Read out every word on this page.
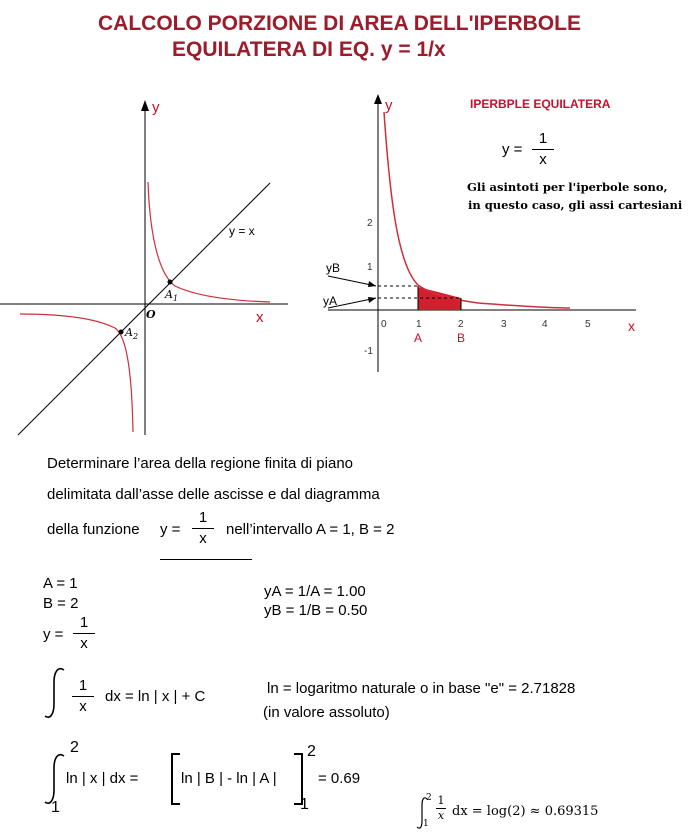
CALCOLO PORZIONE DI AREA DELL'IPERBOLE
EQUILATERA DI EQ. y = 1/x
y
x
O
y = x
$A_1$
$A_2$
y
x
2
1
-1
0	1	2	3	4	5
yB
yA
A	B
IPERBPLE EQUILATERA
y =
1
x
Gli asintoti per l'iperbole sono,
in questo caso, gli assi cartesiani
Determinare l’area della regione finita di piano
delimitata dall’asse delle ascisse e dal diagramma
della funzione y =
1
x
nell’intervallo A = 1, B = 2
A = 1
B = 2
y =
1
x
yA = 1/A = 1.00
yB = 1/B = 0.50
1
x
dx = ln | x | + C	ln = logaritmo naturale o in base "e" = 2.71828
(in valore assoluto)
2
1
ln | x | dx =	ln | B | - ln | A |
2
1
= 0.69
2
1
1
x dx = log(2) ≈ 0.69315
